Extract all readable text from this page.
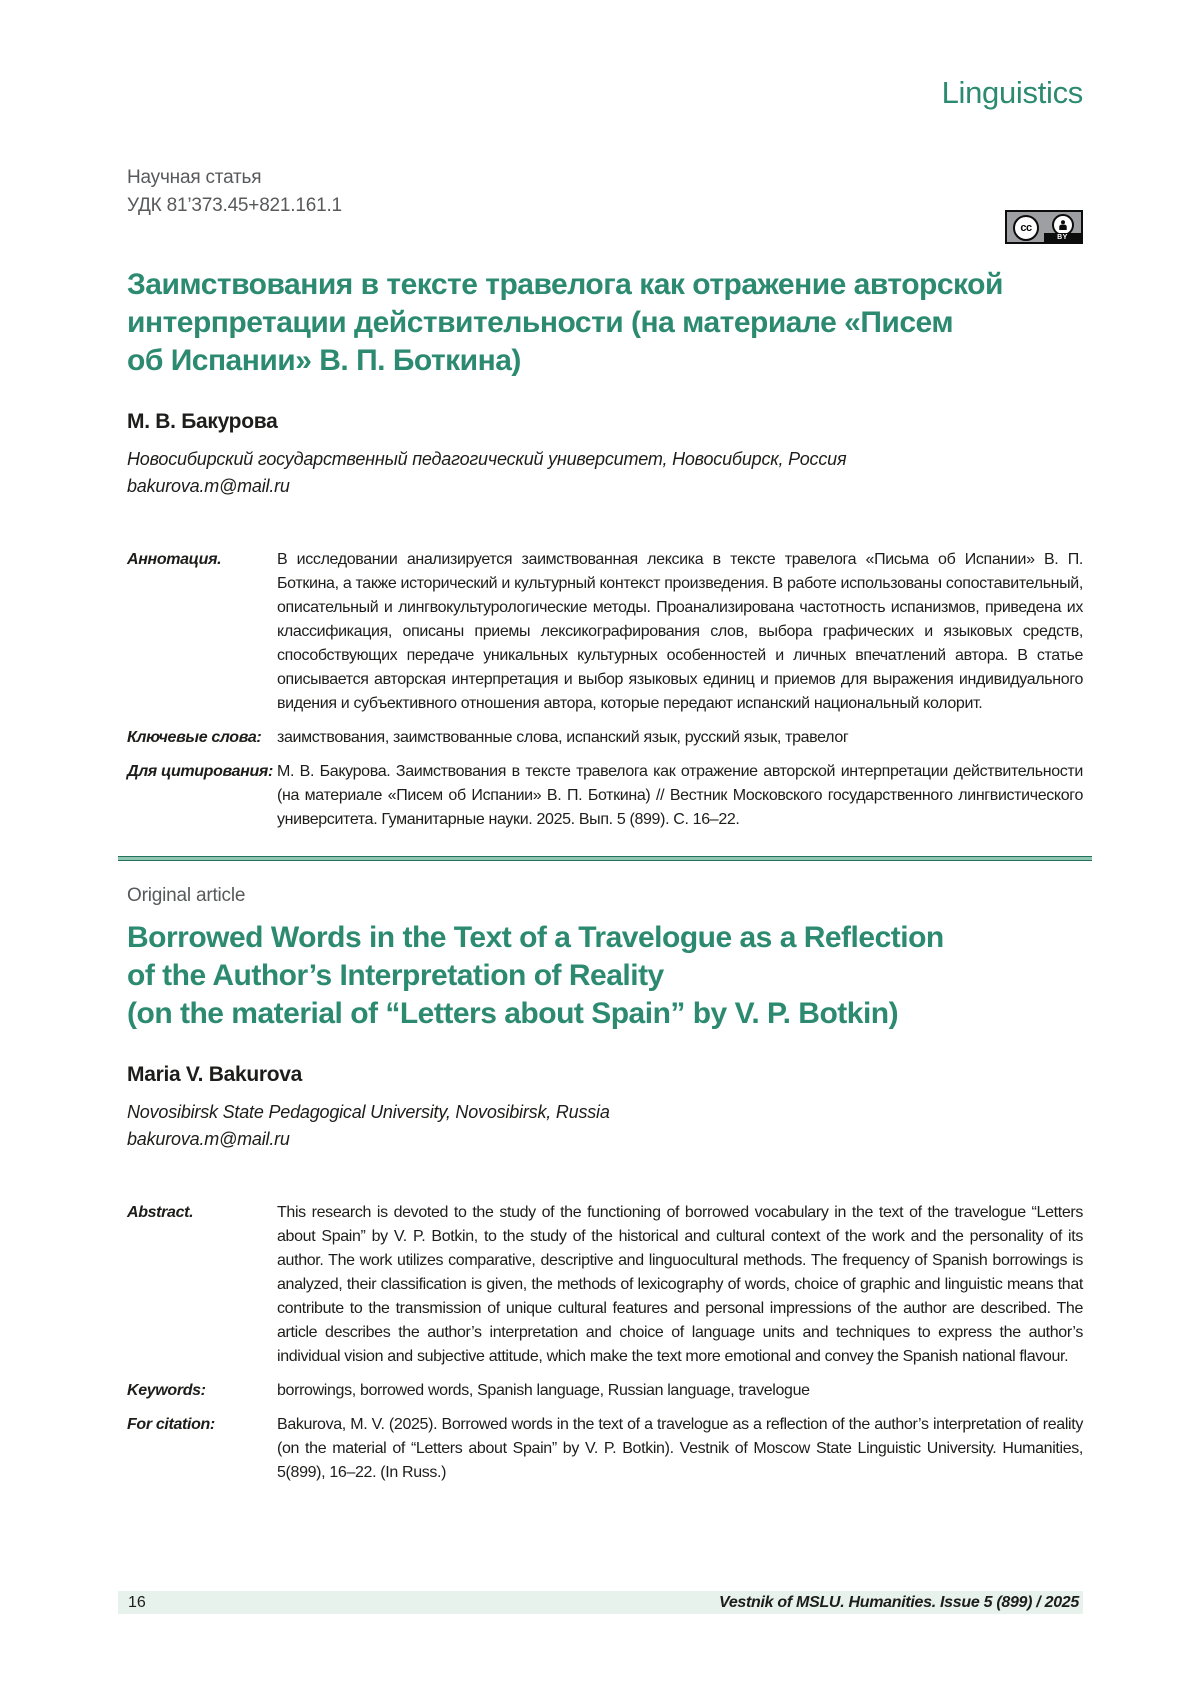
Linguistics
Научная статья
УДК 81’373.45+821.161.1
cc
BY
Заимствования в тексте травелога как отражение авторской
интерпретации действительности (на материале «Писем
об Испании» В. П. Боткина)
М. В. Бакурова
Новосибирский государственный педагогический университет, Новосибирск, Россия
bakurova.m@mail.ru
Аннотация.	В исследовании анализируется заимствованная лексика в тексте травелога «Письма об Испании» В. П. Боткина, а также исторический и культурный контекст произведения. В работе использованы сопоставительный, описательный и лингвокультурологические методы. Проанализирована частотность испанизмов, приведена их классификация, описаны приемы лексикографирования слов, выбора графических и языковых средств, способствующих передаче уникальных культурных особенностей и личных впечатлений автора. В статье описывается авторская интерпретация и выбор языковых единиц и приемов для выражения индивидуального видения и субъективного отношения автора, которые передают испанский национальный колорит.
Ключевые слова: заимствования, заимствованные слова, испанский язык, русский язык, травелог
Для цитирования: М. В. Бакурова. Заимствования в тексте травелога как отражение авторской интерпретации действительности (на материале «Писем об Испании» В. П. Боткина) // Вестник Московского государственного лингвистического университета. Гуманитарные науки. 2025. Вып. 5 (899). С. 16–22.
Original article
Borrowed Words in the Text of a Travelogue as a Reflection
of the Author’s Interpretation of Reality
(on the material of “Letters about Spain” by V. P. Botkin)
Maria V. Bakurova
Novosibirsk State Pedagogical University, Novosibirsk, Russia
bakurova.m@mail.ru
Abstract.	This research is devoted to the study of the functioning of borrowed vocabulary in the text of the travelogue “Letters about Spain” by V. P. Botkin, to the study of the historical and cultural context of the work and the personality of its author. The work utilizes comparative, descriptive and linguocultural methods. The frequency of Spanish borrowings is analyzed, their classification is given, the methods of lexicography of words, choice of graphic and linguistic means that contribute to the transmission of unique cultural features and personal impressions of the author are described. The article describes the author’s interpretation and choice of language units and techniques to express the author’s individual vision and subjective attitude, which make the text more emotional and convey the Spanish national flavour.
Keywords:	borrowings, borrowed words, Spanish language, Russian language, travelogue
For citation:	Bakurova, M. V. (2025). Borrowed words in the text of a travelogue as a reflection of the author’s interpretation of reality (on the material of “Letters about Spain” by V. P. Botkin). Vestnik of Moscow State Linguistic University. Humanities, 5(899), 16–22. (In Russ.)
16	Vestnik of MSLU. Humanities. Issue 5 (899) / 2025
